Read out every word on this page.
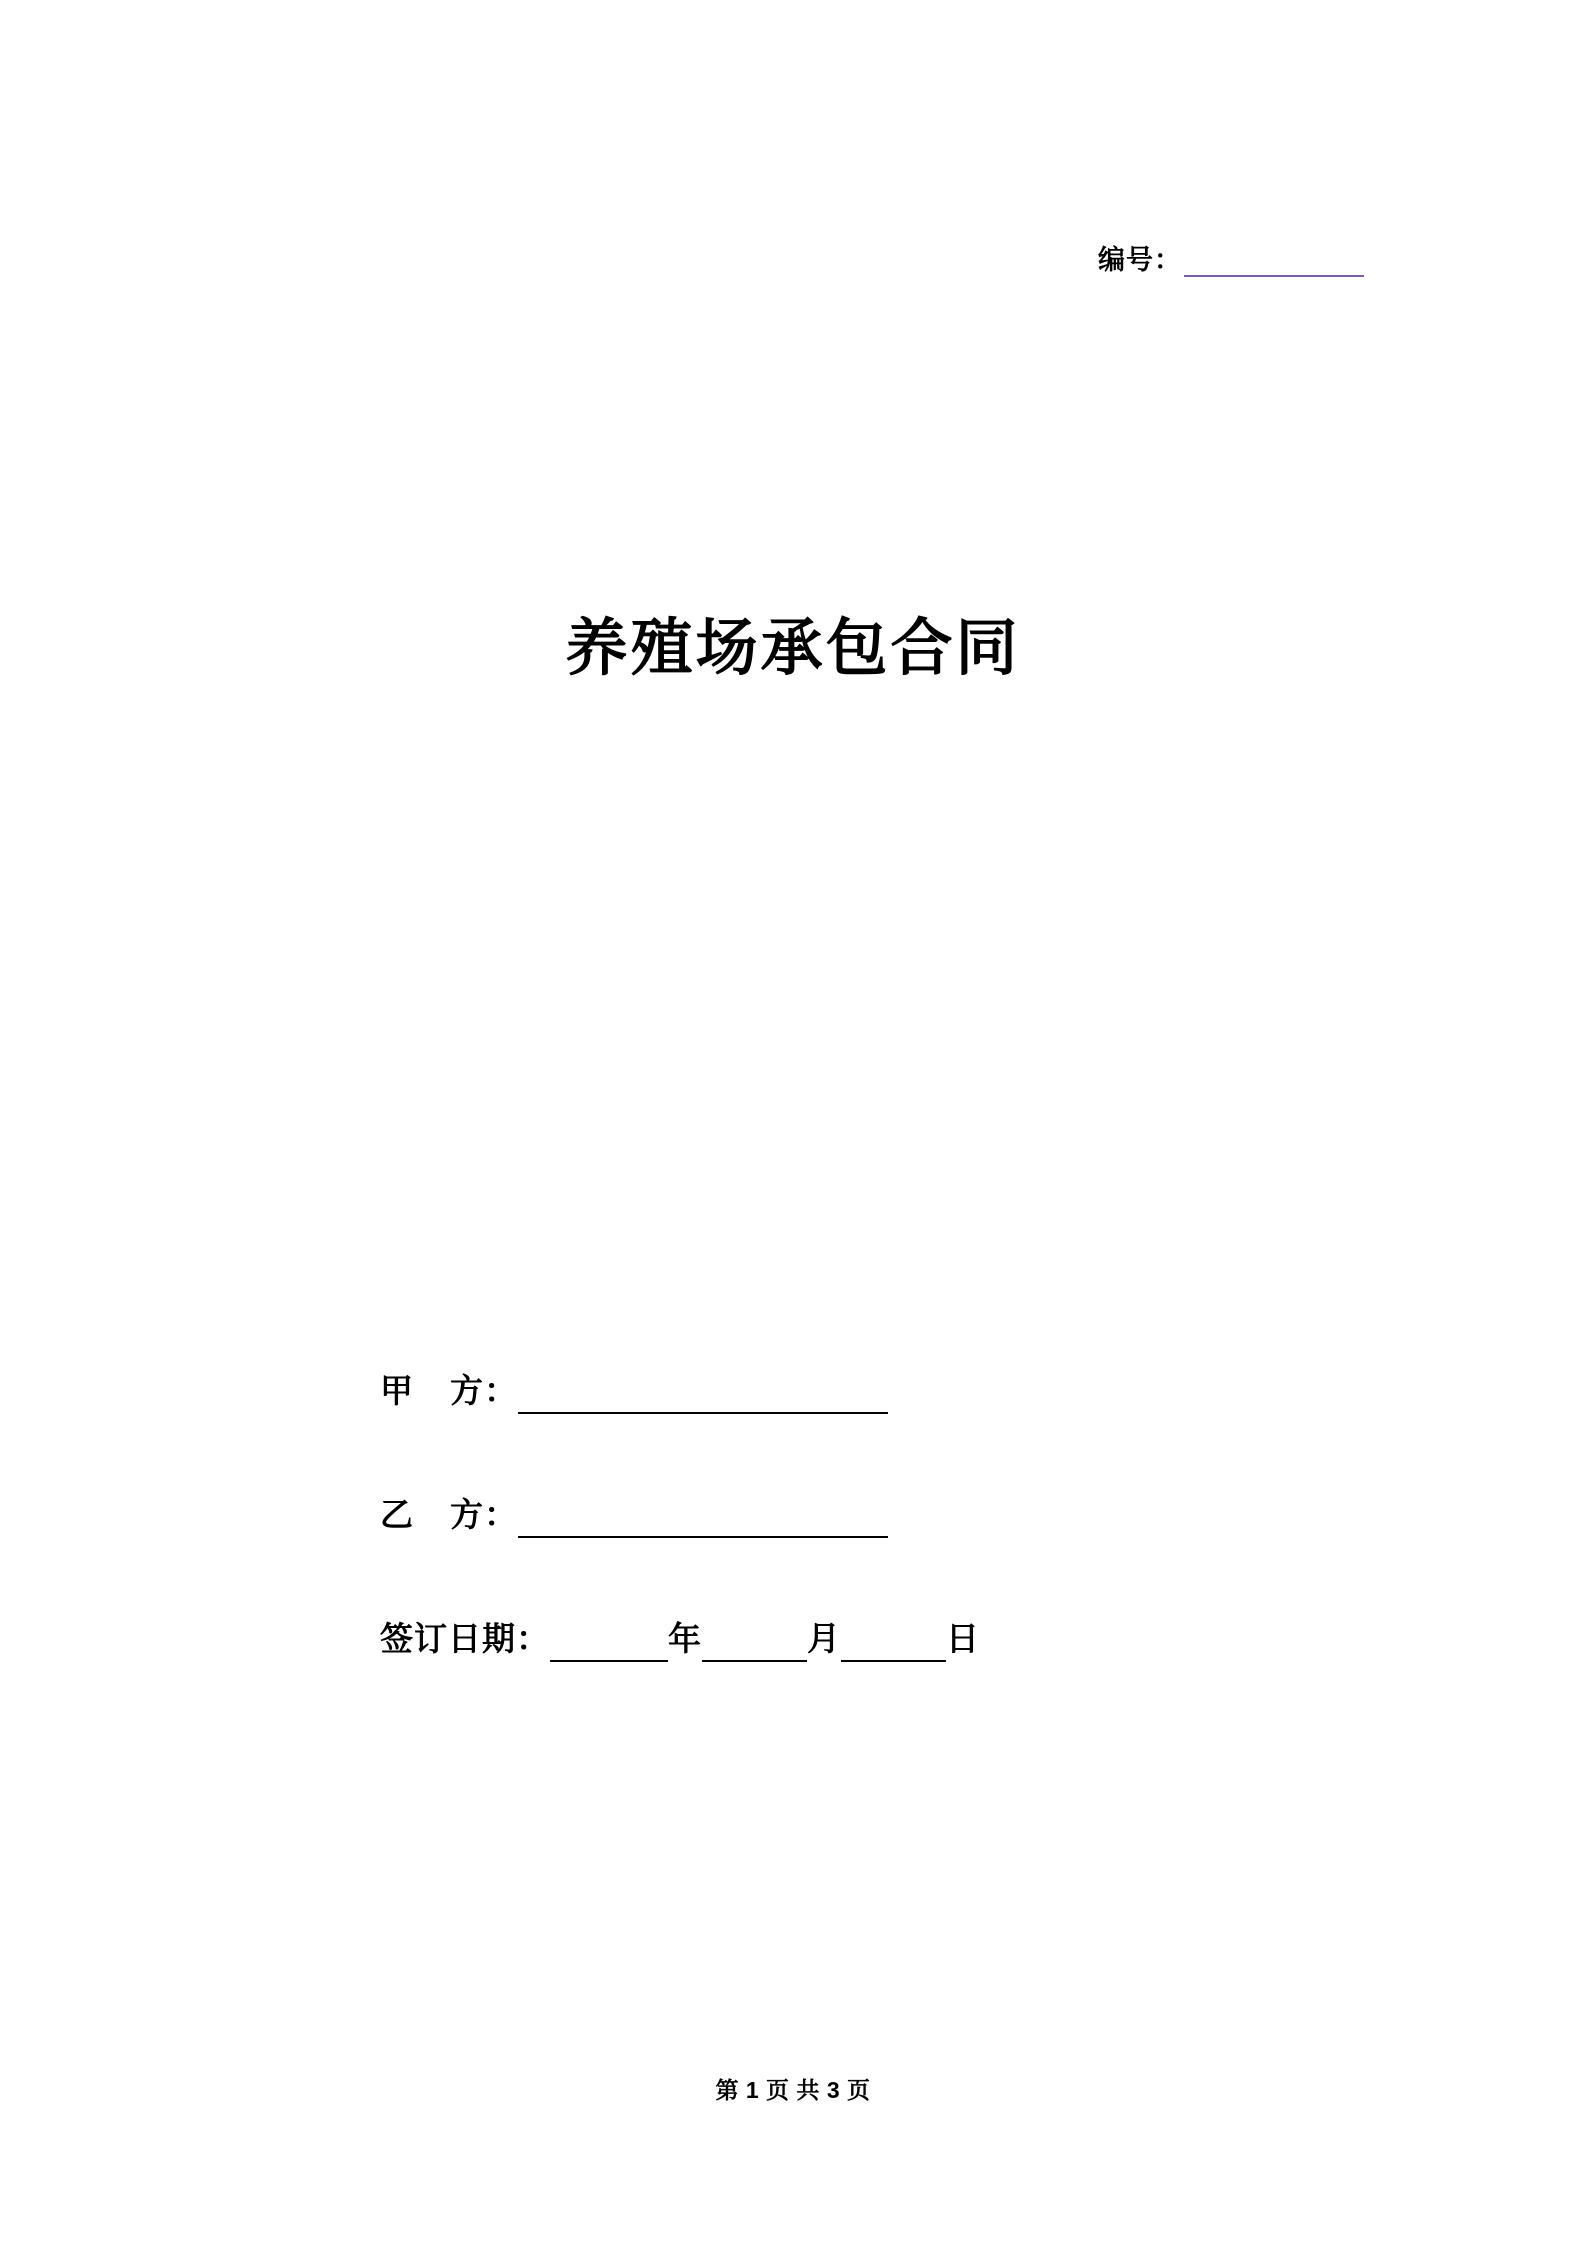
编号：
养殖场承包合同
甲 方：
乙 方：
签订日期：	年	月	日
第 1 页 共 3 页
